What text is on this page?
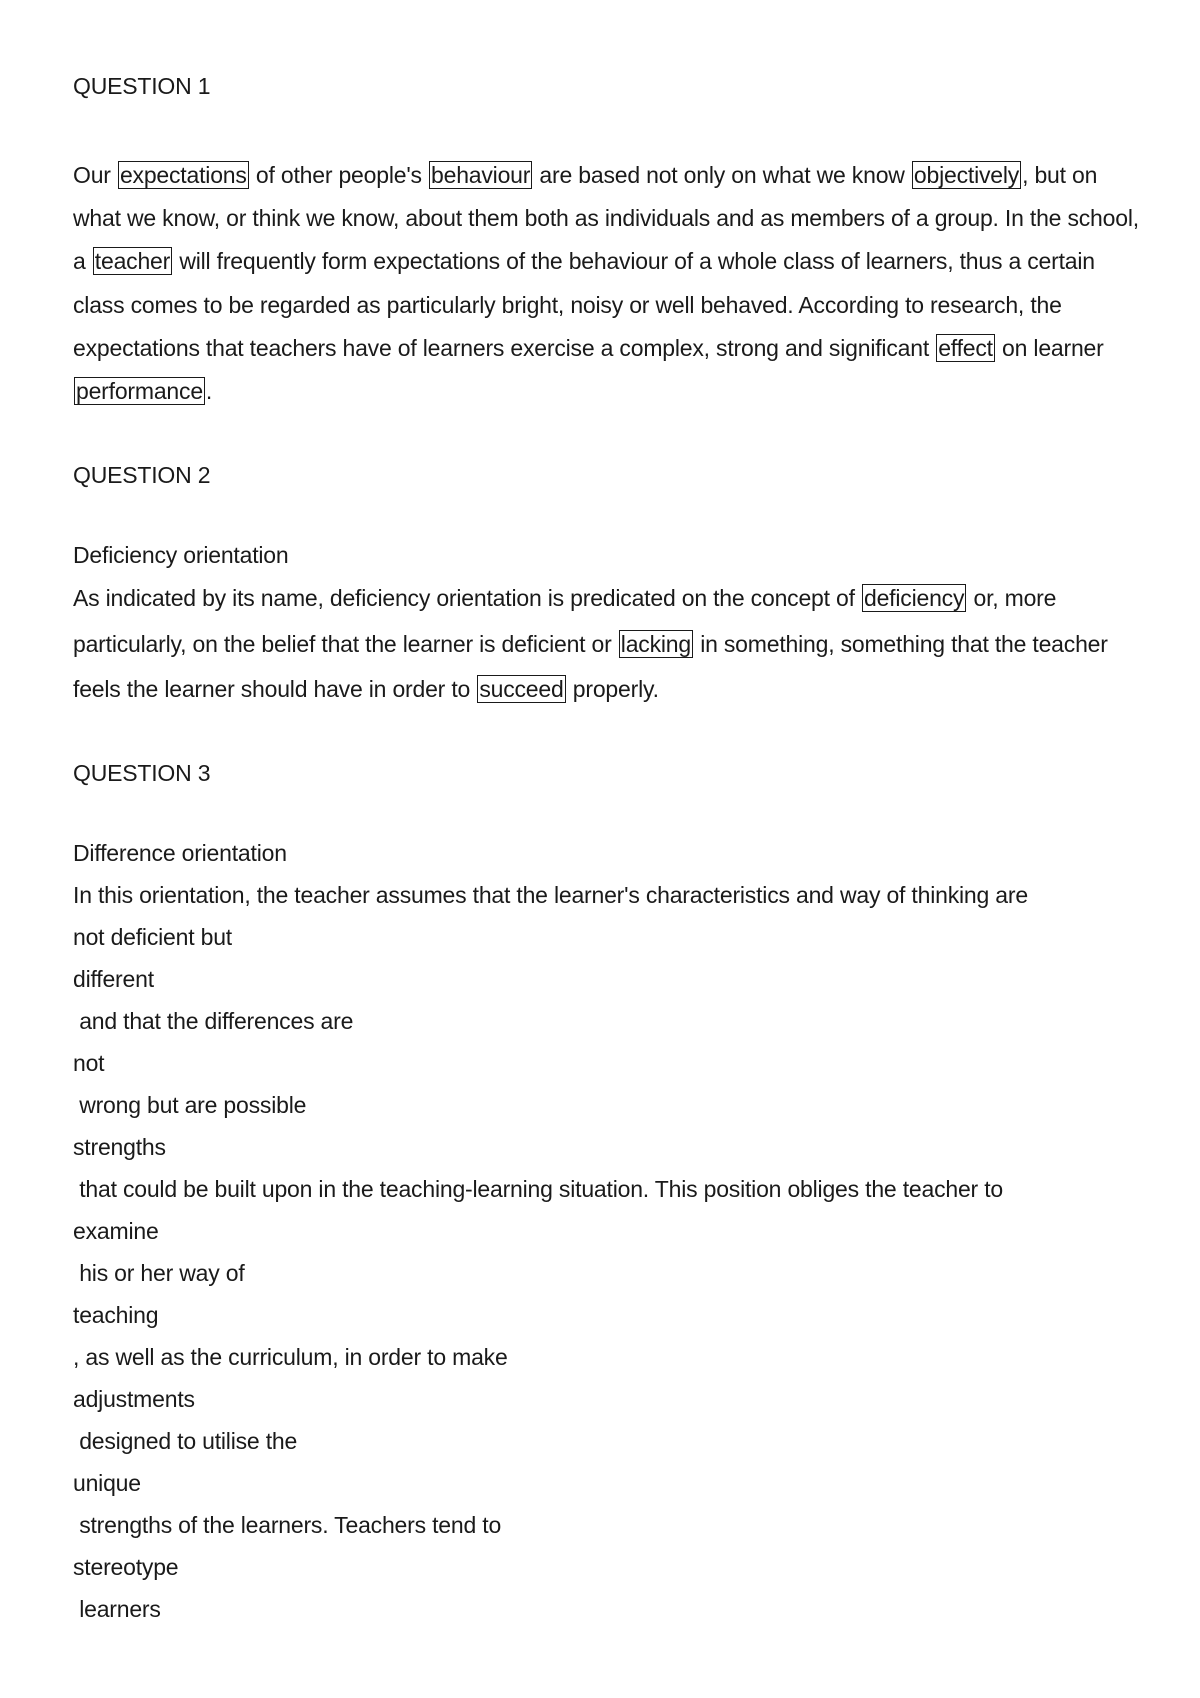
QUESTION 1

Our expectations of other people's behaviour are based not only on what we know objectively , but on what we know, or think we know, about them both as individuals and as members of a group. In the school, a teacher will frequently form expectations of the behaviour of a whole class of learners, thus a certain class comes to be regarded as particularly bright, noisy or well behaved. According to research, the expectations that teachers have of learners exercise a complex, strong and significant effect on learner performance .

QUESTION 2

Deficiency orientation

As indicated by its name, deficiency orientation is predicated on the concept of deficiency or, more particularly, on the belief that the learner is deficient or lacking in something, something that the teacher feels the learner should have in order to succeed properly.

QUESTION 3

Difference orientation

In this orientation, the teacher assumes that the learner's characteristics and way of thinking are

not deficient but

different

and that the differences are

not

wrong but are possible

strengths

that could be built upon in the teaching-learning situation. This position obliges the teacher to

examine

his or her way of

teaching

, as well as the curriculum, in order to make

adjustments

designed to utilise the

unique

strengths of the learners. Teachers tend to

stereotype

learners
